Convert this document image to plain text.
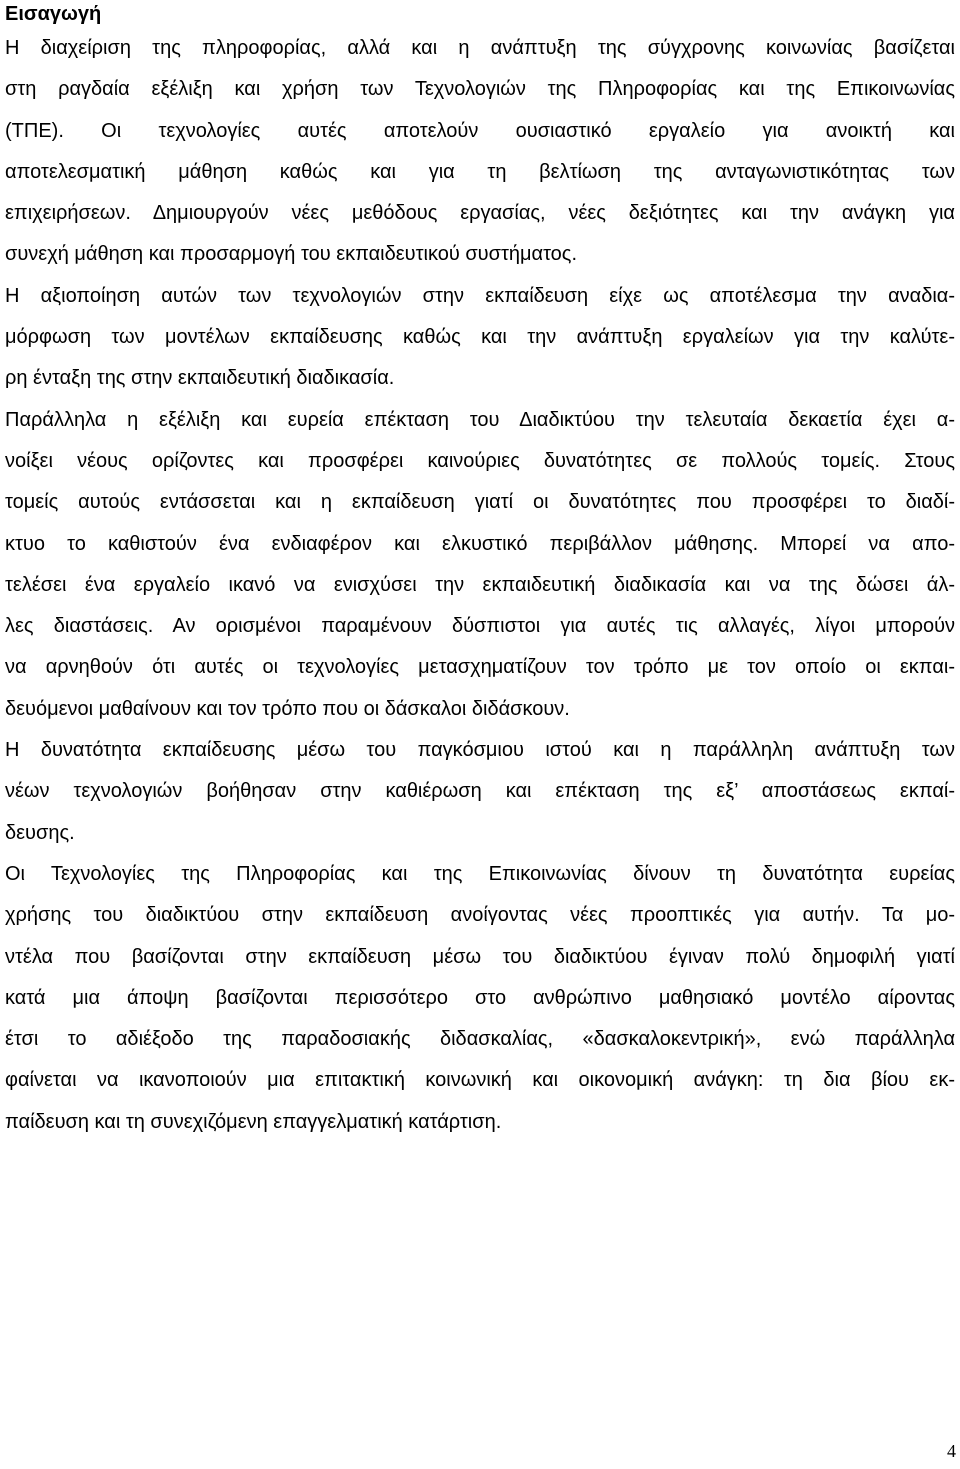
Εισαγωγή
Η διαχείριση της πληροφορίας, αλλά και η ανάπτυξη της σύγχρονης κοινωνίας βασίζεται
στη ραγδαία εξέλιξη και χρήση των Τεχνολογιών της Πληροφορίας και της Επικοινωνίας
(ΤΠΕ). Οι τεχνολογίες αυτές αποτελούν ουσιαστικό εργαλείο για ανοικτή και
αποτελεσματική μάθηση καθώς και για τη βελτίωση της ανταγωνιστικότητας των
επιχειρήσεων. Δημιουργούν νέες μεθόδους εργασίας, νέες δεξιότητες και την ανάγκη για
συνεχή μάθηση και προσαρμογή του εκπαιδευτικού συστήματος.
Η αξιοποίηση αυτών των τεχνολογιών στην εκπαίδευση είχε ως αποτέλεσμα την αναδια-
μόρφωση των μοντέλων εκπαίδευσης καθώς και την ανάπτυξη εργαλείων για την καλύτε-
ρη ένταξη της στην εκπαιδευτική διαδικασία.
Παράλληλα η εξέλιξη και ευρεία επέκταση του Διαδικτύου την τελευταία δεκαετία έχει α-
νοίξει νέους ορίζοντες και προσφέρει καινούριες δυνατότητες σε πολλούς τομείς. Στους
τομείς αυτούς εντάσσεται και η εκπαίδευση γιατί οι δυνατότητες που προσφέρει το διαδί-
κτυο το καθιστούν ένα ενδιαφέρον και ελκυστικό περιβάλλον μάθησης. Μπορεί να απο-
τελέσει ένα εργαλείο ικανό να ενισχύσει την εκπαιδευτική διαδικασία και να της δώσει άλ-
λες διαστάσεις. Αν ορισμένοι παραμένουν δύσπιστοι για αυτές τις αλλαγές, λίγοι μπορούν
να αρνηθούν ότι αυτές οι τεχνολογίες μετασχηματίζουν τον τρόπο με τον οποίο οι εκπαι-
δευόμενοι μαθαίνουν και τον τρόπο που οι δάσκαλοι διδάσκουν.
Η δυνατότητα εκπαίδευσης μέσω του παγκόσμιου ιστού και η παράλληλη ανάπτυξη των
νέων τεχνολογιών βοήθησαν στην καθιέρωση και επέκταση της εξ’ αποστάσεως εκπαί-
δευσης.
Οι Τεχνολογίες της Πληροφορίας και της Επικοινωνίας δίνουν τη δυνατότητα ευρείας
χρήσης του διαδικτύου στην εκπαίδευση ανοίγοντας νέες προοπτικές για αυτήν. Τα μο-
ντέλα που βασίζονται στην εκπαίδευση μέσω του διαδικτύου έγιναν πολύ δημοφιλή γιατί
κατά μια άποψη βασίζονται περισσότερο στο ανθρώπινο μαθησιακό μοντέλο αίροντας
έτσι το αδιέξοδο της παραδοσιακής διδασκαλίας, «δασκαλοκεντρική», ενώ παράλληλα
φαίνεται να ικανοποιούν μια επιτακτική κοινωνική και οικονομική ανάγκη: τη δια βίου εκ-
παίδευση και τη συνεχιζόμενη επαγγελματική κατάρτιση.
4
